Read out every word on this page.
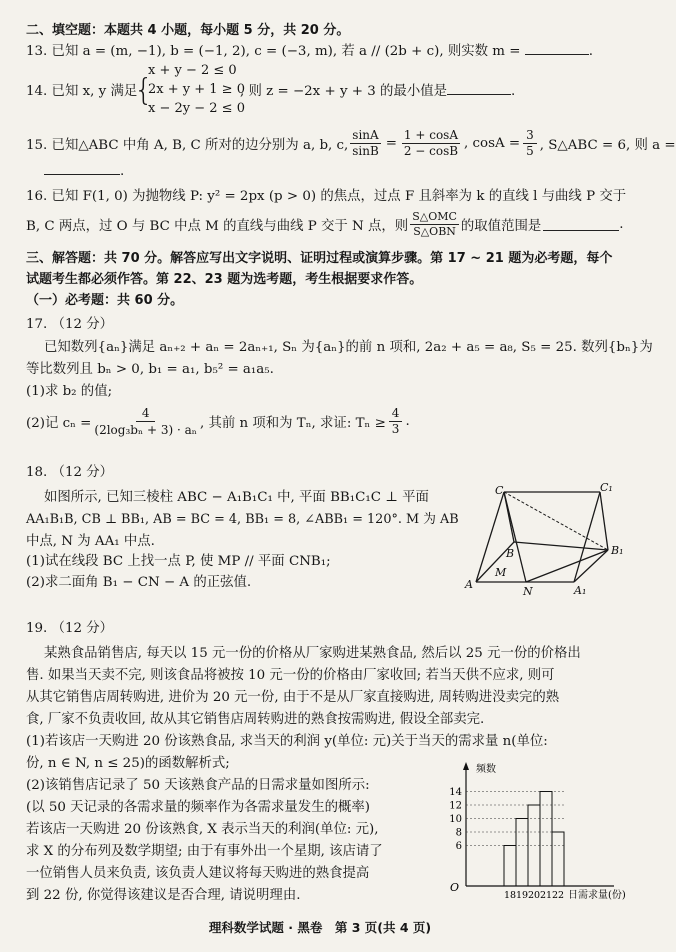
二、填空题：本题共 4 小题，每小题 5 分，共 20 分。
13. 已知 a = (m, −1), b = (−1, 2), c = (−3, m), 若 a // (2b + c), 则实数 m =	.
14. 已知 x, y 满足
{
x + y − 2 ≤ 0
2x + y + 1 ≥ 0
x − 2y − 2 ≤ 0
, 则 z = −2x + y + 3 的最小值是	.
15. 已知△ABC 中角 A, B, C 所对的边分别为 a, b, c, $\frac{\sin A}{\sin B} = \frac{1 + \cos A}{2 - \cos B}$ , $\cos A = \frac{3}{5}$ , S△ABC = 6, 则 a =
.
16. 已知 F(1, 0) 为抛物线 P: y² = 2px (p > 0) 的焦点，过点 F 且斜率为 k 的直线 l 与曲线 P 交于
B, C 两点，过 O 与 BC 中点 M 的直线与曲线 P 交于 N 点，则
S△OMC
S△OBN 的取值范围是	.
三、解答题：共 70 分。解答应写出文字说明、证明过程或演算步骤。第 17 ~ 21 题为必考题，每个
试题考生都必须作答。第 22、23 题为选考题，考生根据要求作答。
（一）必考题：共 60 分。
17. （12 分）
已知数列{aₙ}满足 aₙ₊₂ + aₙ = 2aₙ₊₁, Sₙ 为{aₙ}的前 n 项和, 2a₂ + a₅ = a₈, S₅ = 25. 数列{bₙ}为
等比数列且 bₙ > 0, b₁ = a₁, b₅² = a₁a₅.
(1)求 b₂ 的值;
(2)记 $c_n = \frac{4}{\text{(2log₃bₙ + 3) · aₙ}}$ , 其前 n 项和为 Tₙ, 求证: $T_n \ge \frac{4}{3}$ .
18. （12 分）
如图所示, 已知三棱柱 ABC − A₁B₁C₁ 中, 平面 BB₁C₁C ⊥ 平面
AA₁B₁B, CB ⊥ BB₁, AB = BC = 4, BB₁ = 8, ∠ABB₁ = 120°. M 为 AB
中点, N 为 AA₁ 中点.
(1)试在线段 BC 上找一点 P, 使 MP // 平面 CNB₁;
(2)求二面角 B₁ − CN − A 的正弦值.
C	C₁
B	B₁
M
A
N	A₁
19. （12 分）
某熟食品销售店, 每天以 15 元一份的价格从厂家购进某熟食品, 然后以 25 元一份的价格出
售. 如果当天卖不完, 则该食品将被按 10 元一份的价格由厂家收回; 若当天供不应求, 则可
从其它销售店周转购进, 进价为 20 元一份, 由于不是从厂家直接购进, 周转购进没卖完的熟
食, 厂家不负责收回, 故从其它销售店周转购进的熟食按需购进, 假设全部卖完.
(1)若该店一天购进 20 份该熟食品, 求当天的利润 y(单位: 元)关于当天的需求量 n(单位:
份, n ∈ N, n ≤ 25)的函数解析式;
(2)该销售店记录了 50 天该熟食产品的日需求量如图所示:
(以 50 天记录的各需求量的频率作为各需求量发生的概率)
若该店一天购进 20 份该熟食, X 表示当天的利润(单位: 元),
求 X 的分布列及数学期望; 由于有事外出一个星期, 该店请了
一位销售人员来负责, 该负责人建议将每天购进的熟食提高
到 22 份, 你觉得该建议是否合理, 请说明理由.
频数
O
6
8
10
12
14
18 19 20 21 22 日需求量(份)
理科数学试题 · 黑卷　第 3 页(共 4 页)
